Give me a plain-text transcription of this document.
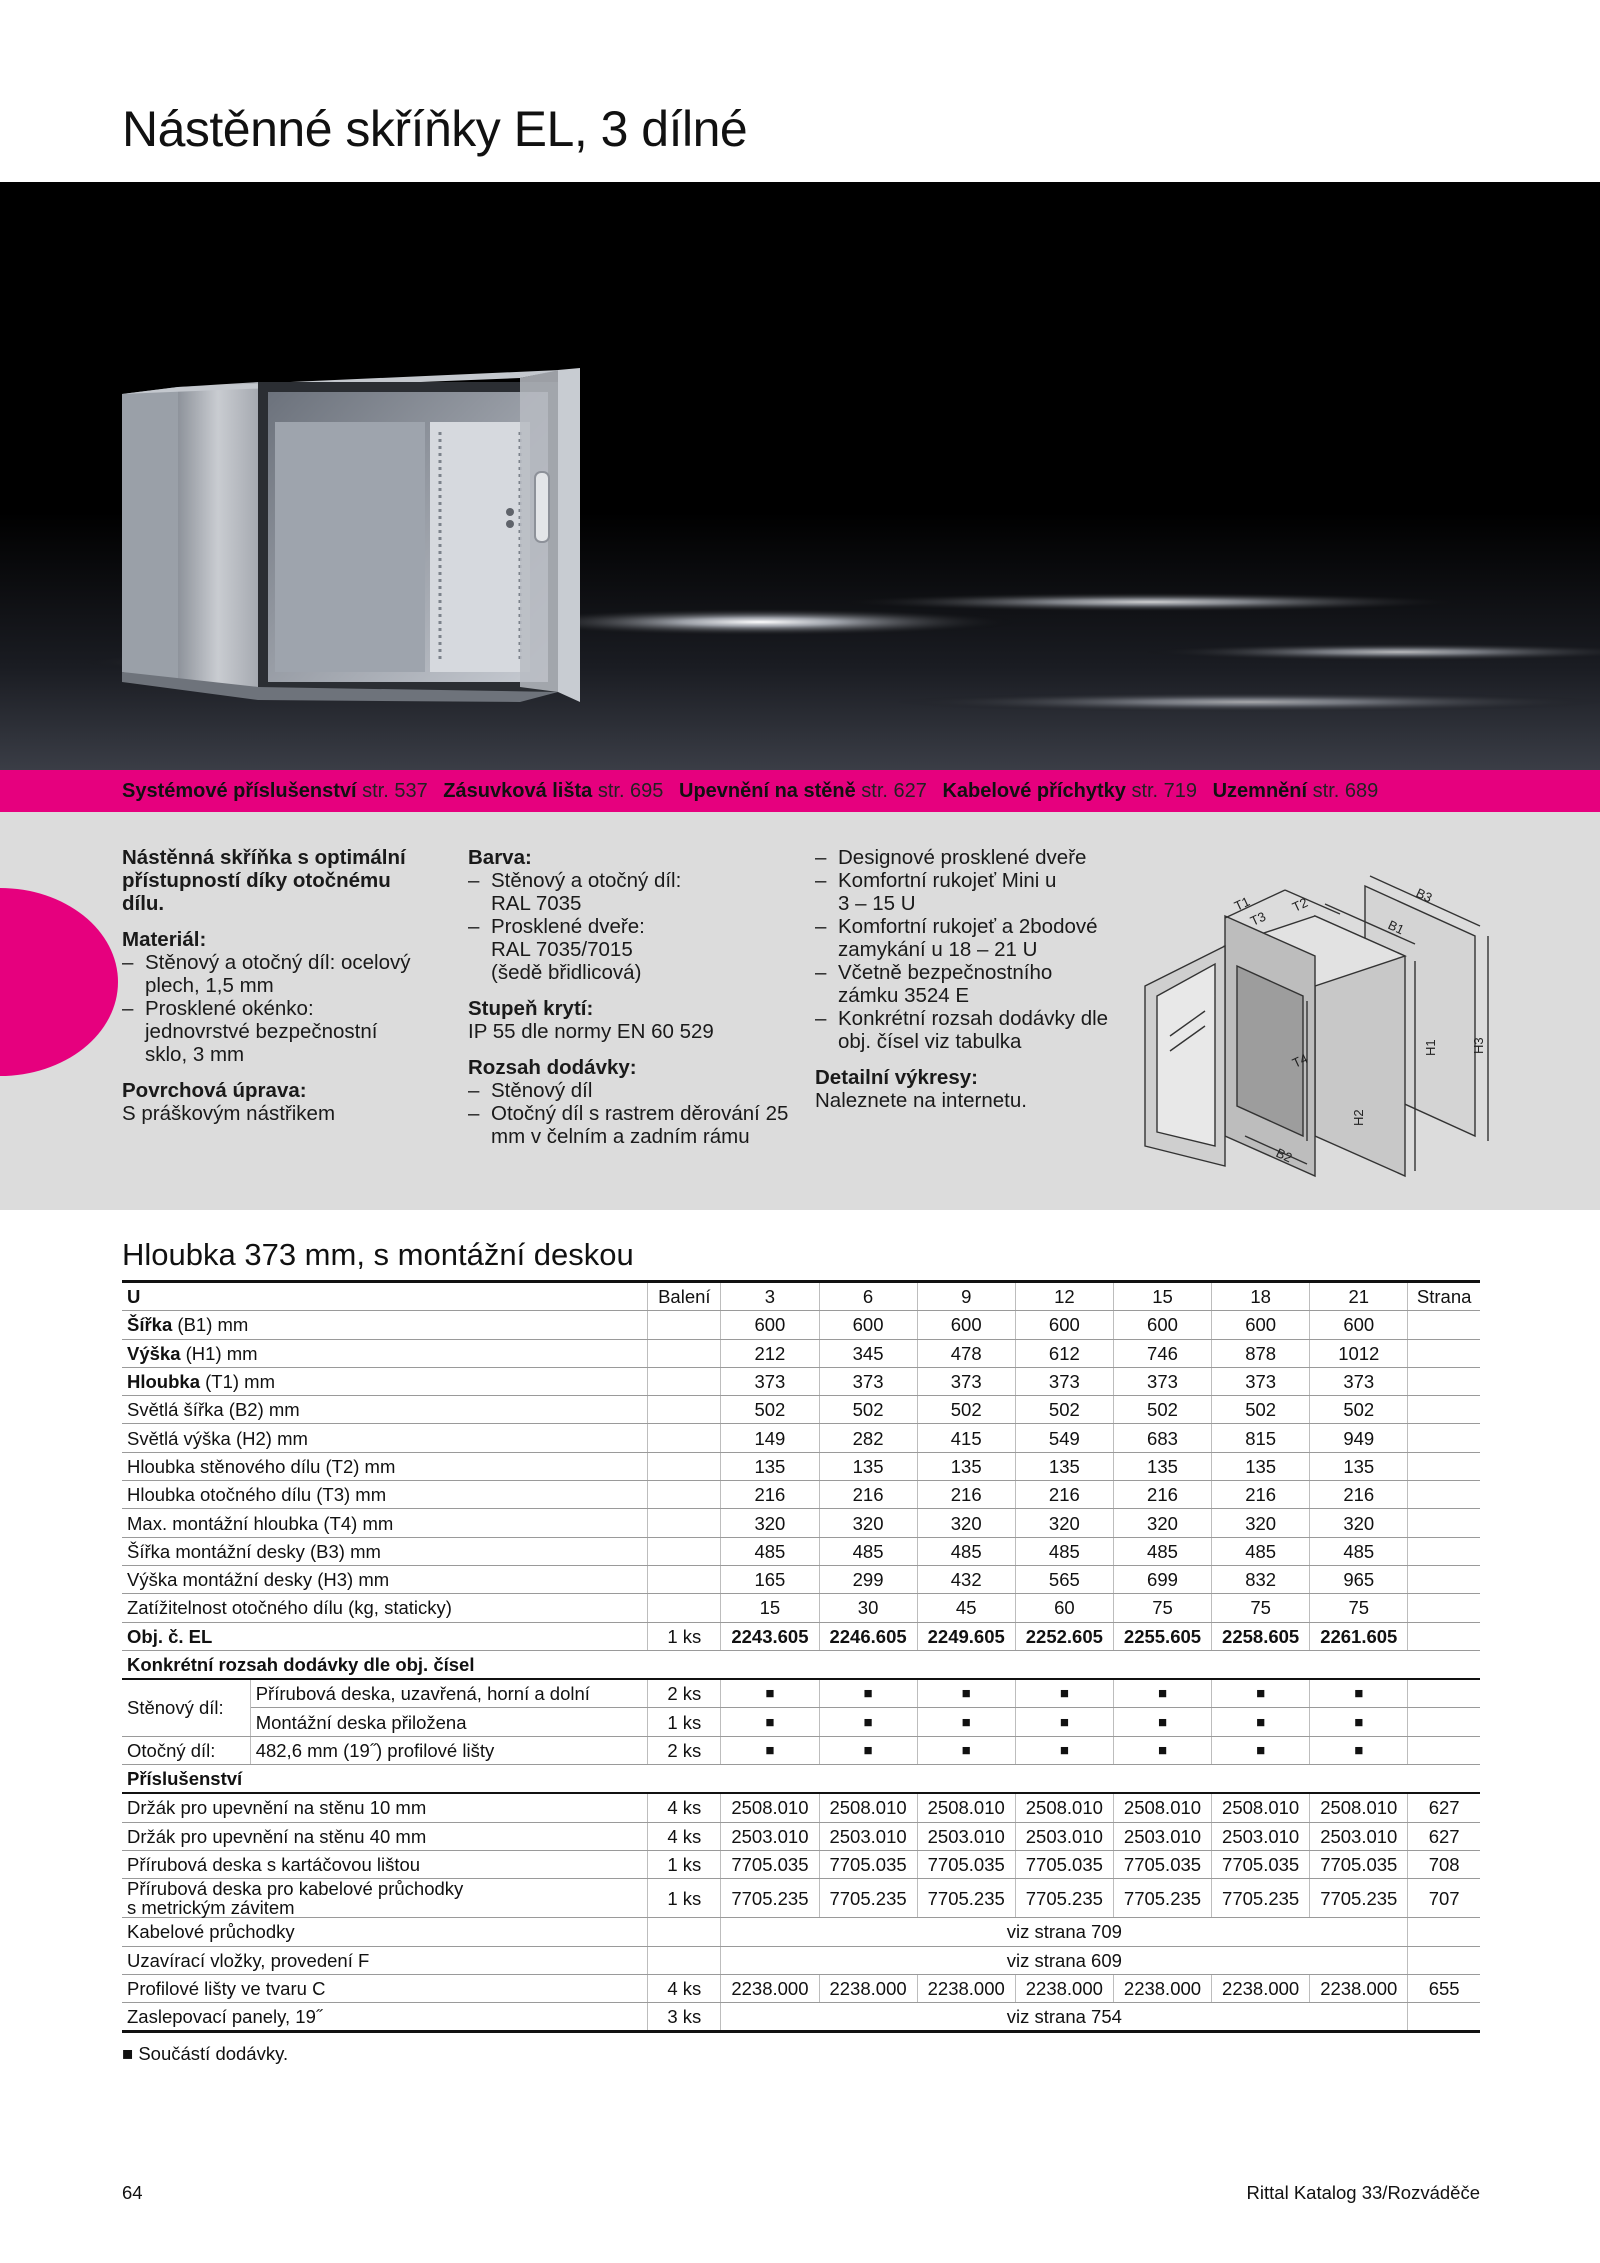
Nástěnné skříňky EL, 3 dílné
Systémové příslušenství str. 537 Zásuvková lišta str. 695 Upevnění na stěně str. 627 Kabelové příchytky str. 719 Uzemnění str. 689
Nástěnná skříňka s optimální přístupností díky otočnému dílu.
Materiál:
– Stěnový a otočný díl: ocelový plech, 1,5 mm
– Prosklené okénko: jednovrstvé bezpečnostní sklo, 3 mm
Povrchová úprava:

S práškovým nástřikem

Barva:
– Stěnový a otočný díl: RAL 7035
– Prosklené dveře: RAL 7035/7015 (šedě břidlicová)
Stupeň krytí:

IP 55 dle normy EN 60 529

Rozsah dodávky:
– Stěnový díl
– Otočný díl s rastrem děrování 25 mm v čelním a zadním rámu
– Designové prosklené dveře
– Komfortní rukojeť Mini u 3 – 15 U
– Komfortní rukojeť a 2bodové zamykání u 18 – 21 U
– Včetně bezpečnostního zámku 3524 E
– Konkrétní rozsah dodávky dle obj. čísel viz tabulka
Detailní výkresy:

Naleznete na internetu.

T1
T3
T2	B3
B1
T4
B2
H1
H2
H3
Hloubka 373 mm, s montážní deskou
U		Balení	3	6	9	12	15	18	21	Strana
Šířka (B1) mm			600	600	600	600	600	600	600	
Výška (H1) mm			212	345	478	612	746	878	1012	
Hloubka (T1) mm			373	373	373	373	373	373	373	
Světlá šířka (B2) mm			502	502	502	502	502	502	502	
Světlá výška (H2) mm			149	282	415	549	683	815	949	
Hloubka stěnového dílu (T2) mm			135	135	135	135	135	135	135	
Hloubka otočného dílu (T3) mm			216	216	216	216	216	216	216	
Max. montážní hloubka (T4) mm			320	320	320	320	320	320	320	
Šířka montážní desky (B3) mm			485	485	485	485	485	485	485	
Výška montážní desky (H3) mm			165	299	432	565	699	832	965	
Zatížitelnost otočného dílu (kg, staticky)			15	30	45	60	75	75	75	
Obj. č. EL		1 ks	2243.605	2246.605	2249.605	2252.605	2255.605	2258.605	2261.605	
Konkrétní rozsah dodávky dle obj. čísel										
Stěnový díl:	Přírubová deska, uzavřená, horní a dolní	2 ks	■	■	■	■	■	■	■	
	Montážní deska přiložena	1 ks	■	■	■	■	■	■	■	
Otočný díl:	482,6 mm (19˝) profilové lišty	2 ks	■	■	■	■	■	■	■	
Příslušenství										
Držák pro upevnění na stěnu 10 mm		4 ks	2508.010	2508.010	2508.010	2508.010	2508.010	2508.010	2508.010	627
Držák pro upevnění na stěnu 40 mm		4 ks	2503.010	2503.010	2503.010	2503.010	2503.010	2503.010	2503.010	627
Přírubová deska s kartáčovou lištou		1 ks	7705.035	7705.035	7705.035	7705.035	7705.035	7705.035	7705.035	708

Přírubová deska pro kabelové průchodky
s metrickým závitem		1 ks	7705.235	7705.235	7705.235	7705.235	7705.235	7705.235	7705.235	707
Kabelové průchodky			viz strana 709							
Uzavírací vložky, provedení F			viz strana 609							
Profilové lišty ve tvaru C		4 ks	2238.000	2238.000	2238.000	2238.000	2238.000	2238.000	2238.000	655
Zaslepovací panely, 19˝		3 ks	viz strana 754							
■ Součástí dodávky.
64	Rittal Katalog 33/Rozváděče
